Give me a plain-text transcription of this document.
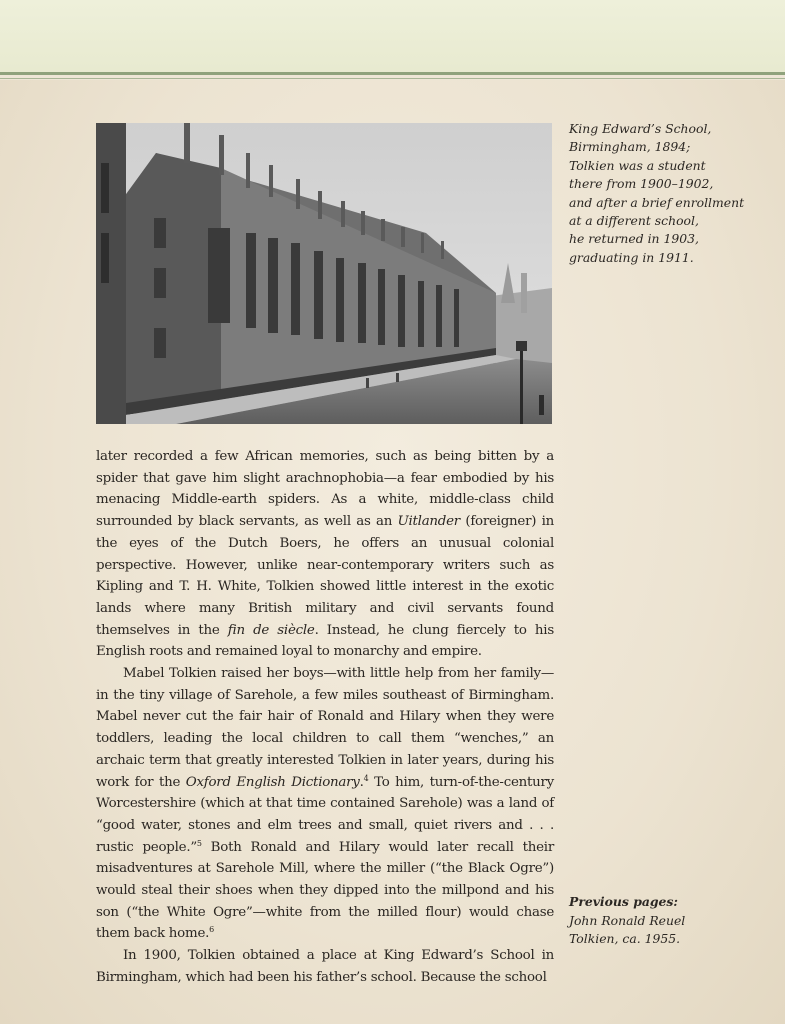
King Edward’s School,

Birmingham, 1894;

Tolkien was a student

there from 1900–1902,

and after a brief enrollment

at a different school,

he returned in 1903,

graduating in 1911.

later recorded a few African memories, such as being bitten by a spider that gave him slight arachnophobia—a fear embodied by his menacing Middle-earth spiders. As a white, middle-class child surrounded by black servants, as well as an Uitlander (foreigner) in the eyes of the Dutch Boers, he offers an unusual colonial perspective. However, unlike near-contemporary writers such as Kipling and T. H. White, Tolkien showed little interest in the exotic lands where many British military and civil servants found themselves in the fin de siècle. Instead, he clung fiercely to his English roots and remained loyal to monarchy and empire.

Mabel Tolkien raised her boys—with little help from her family—in the tiny village of Sarehole, a few miles southeast of Birmingham. Mabel never cut the fair hair of Ronald and Hilary when they were toddlers, leading the local children to call them “wenches,” an archaic term that greatly interested Tolkien in later years, during his work for the Oxford English Dictionary.$^4$ To him, turn-of-the-century Worcestershire (which at that time contained Sarehole) was a land of “good water, stones and elm trees and small, quiet rivers and . . . rustic people.”$^5$ Both Ronald and Hilary would later recall their misadventures at Sarehole Mill, where the miller (“the Black Ogre”) would steal their shoes when they dipped into the millpond and his son (“the White Ogre”—white from the milled flour) would chase them back home.$^6$

In 1900, Tolkien obtained a place at King Edward’s School in Birmingham, which had been his father’s school. Because the school

Previous pages:

John Ronald Reuel

Tolkien, ca. 1955.
